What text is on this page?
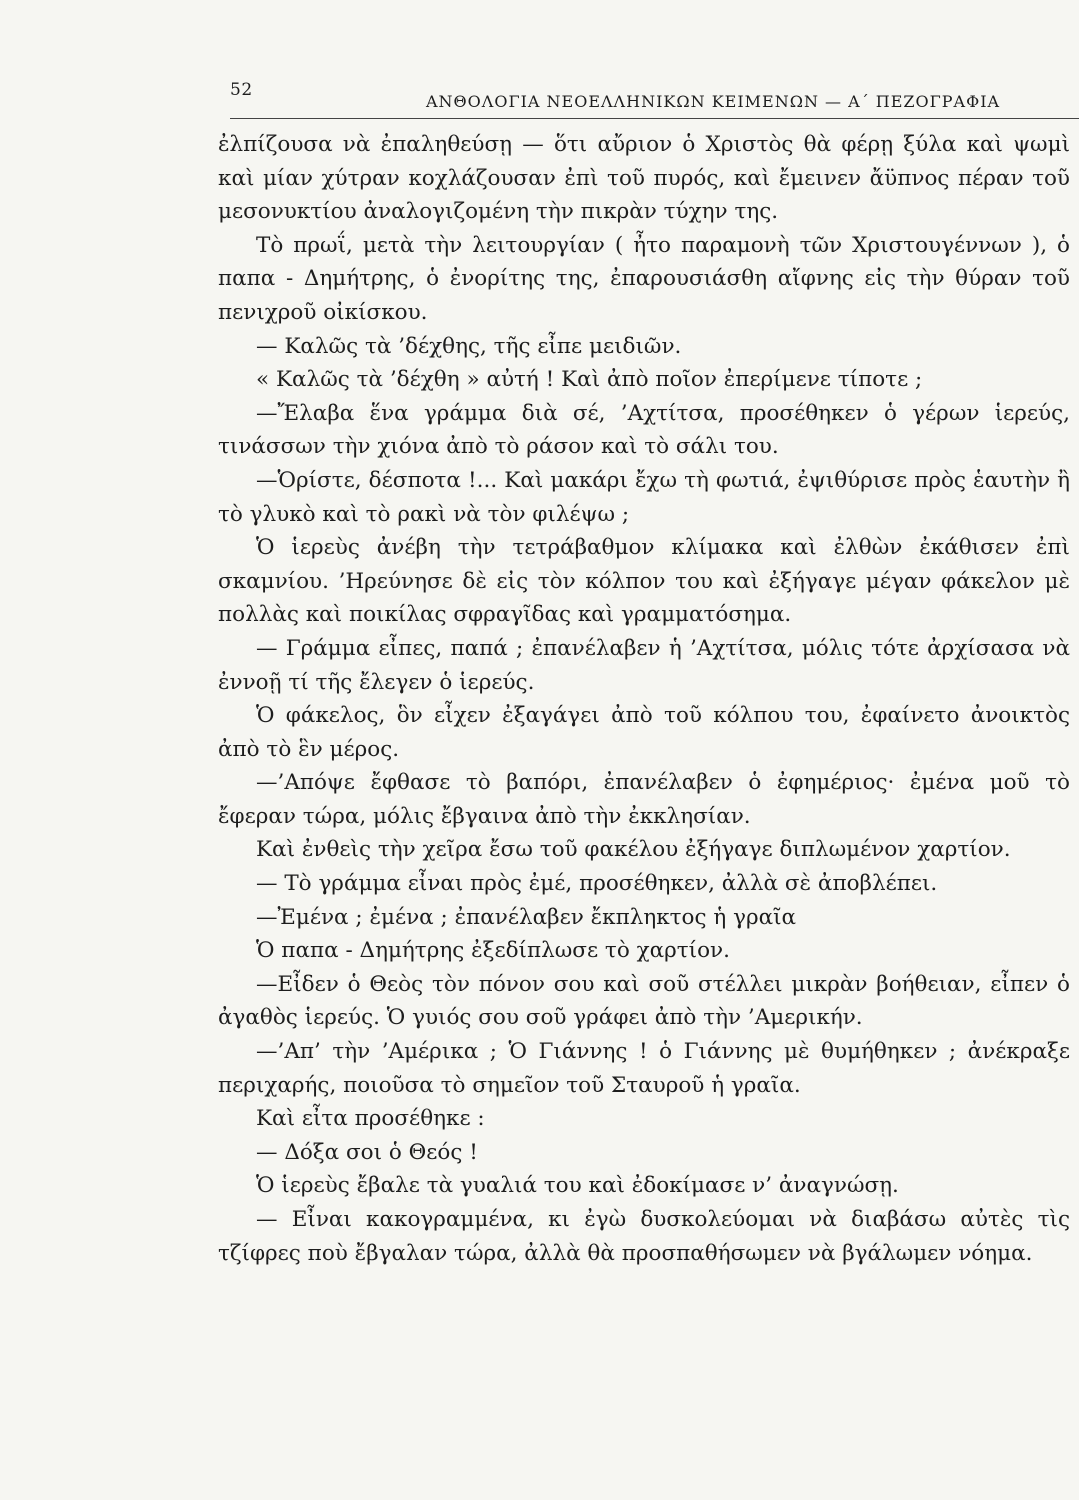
52
ΑΝΘΟΛΟΓΙΑ ΝΕΟΕΛΛΗΝΙΚΩΝ ΚΕΙΜΕΝΩΝ — Α΄ ΠΕΖΟΓΡΑΦΙΑ

ἐλπίζουσα νὰ ἐπαληθεύσῃ — ὅτι αὔριον ὁ Χριστὸς θὰ φέρῃ ξύλα καὶ ψωμὶ καὶ μίαν χύτραν κοχλάζουσαν ἐπὶ τοῦ πυρός, καὶ ἔμεινεν ἄϋπνος πέραν τοῦ μεσονυκτίου ἀναλογιζομένη τὴν πικρὰν τύχην της.

Τὸ πρωΐ, μετὰ τὴν λειτουργίαν ( ἦτο παραμονὴ τῶν Χριστουγέννων ), ὁ παπα - Δημήτρης, ὁ ἐνορίτης της, ἐπαρουσιάσθη αἴφνης εἰς τὴν θύραν τοῦ πενιχροῦ οἰκίσκου.

— Καλῶς τὰ ’δέχθης, τῆς εἶπε μειδιῶν.

« Καλῶς τὰ ’δέχθη » αὐτή ! Καὶ ἀπὸ ποῖον ἐπερίμενε τίποτε ;

—Ἔλαβα ἕνα γράμμα διὰ σέ, ’Αχτίτσα, προσέθηκεν ὁ γέρων ἱερεύς, τινάσσων τὴν χιόνα ἀπὸ τὸ ράσον καὶ τὸ σάλι του.

—Ὁρίστε, δέσποτα !... Καὶ μακάρι ἔχω τὴ φωτιά, ἐψιθύρισε πρὸς ἑαυτὴν ἢ τὸ γλυκὸ καὶ τὸ ρακὶ νὰ τὸν φιλέψω ;

Ὁ ἱερεὺς ἀνέβη τὴν τετράβαθμον κλίμακα καὶ ἐλθὼν ἐκάθισεν ἐπὶ σκαμνίου. ’Ηρεύνησε δὲ εἰς τὸν κόλπον του καὶ ἐξήγαγε μέγαν φάκελον μὲ πολλὰς καὶ ποικίλας σφραγῖδας καὶ γραμματόσημα.

— Γράμμα εἶπες, παπά ; ἐπανέλαβεν ἡ ’Αχτίτσα, μόλις τότε ἀρχίσασα νὰ ἐννοῇ τί τῆς ἔλεγεν ὁ ἱερεύς.

Ὁ φάκελος, ὃν εἶχεν ἐξαγάγει ἀπὸ τοῦ κόλπου του, ἐφαίνετο ἀνοικτὸς ἀπὸ τὸ ἓν μέρος.

—’Απόψε ἔφθασε τὸ βαπόρι, ἐπανέλαβεν ὁ ἐφημέριος· ἐμένα μοῦ τὸ ἔφεραν τώρα, μόλις ἔβγαινα ἀπὸ τὴν ἐκκλησίαν.

Καὶ ἐνθεὶς τὴν χεῖρα ἔσω τοῦ φακέλου ἐξήγαγε διπλωμένον χαρτίον.

— Τὸ γράμμα εἶναι πρὸς ἐμέ, προσέθηκεν, ἀλλὰ σὲ ἀποβλέπει.

—Ἐμένα ; ἐμένα ; ἐπανέλαβεν ἔκπληκτος ἡ γραῖα

Ὁ παπα - Δημήτρης ἐξεδίπλωσε τὸ χαρτίον.

—Εἶδεν ὁ Θεὸς τὸν πόνον σου καὶ σοῦ στέλλει μικρὰν βοήθειαν, εἶπεν ὁ ἀγαθὸς ἱερεύς. Ὁ γυιός σου σοῦ γράφει ἀπὸ τὴν ’Αμερικήν.

—’Απ’ τὴν ’Αμέρικα ; Ὁ Γιάννης ! ὁ Γιάννης μὲ θυμήθηκεν ; ἀνέκραξε περιχαρής, ποιοῦσα τὸ σημεῖον τοῦ Σταυροῦ ἡ γραῖα.

Καὶ εἶτα προσέθηκε :

— Δόξα σοι ὁ Θεός !

Ὁ ἱερεὺς ἔβαλε τὰ γυαλιά του καὶ ἐδοκίμασε ν’ ἀναγνώσῃ.

— Εἶναι κακογραμμένα, κι ἐγὼ δυσκολεύομαι νὰ διαβάσω αὐτὲς τὶς τζίφρες ποὺ ἔβγαλαν τώρα, ἀλλὰ θὰ προσπαθήσωμεν νὰ βγάλωμεν νόημα.
